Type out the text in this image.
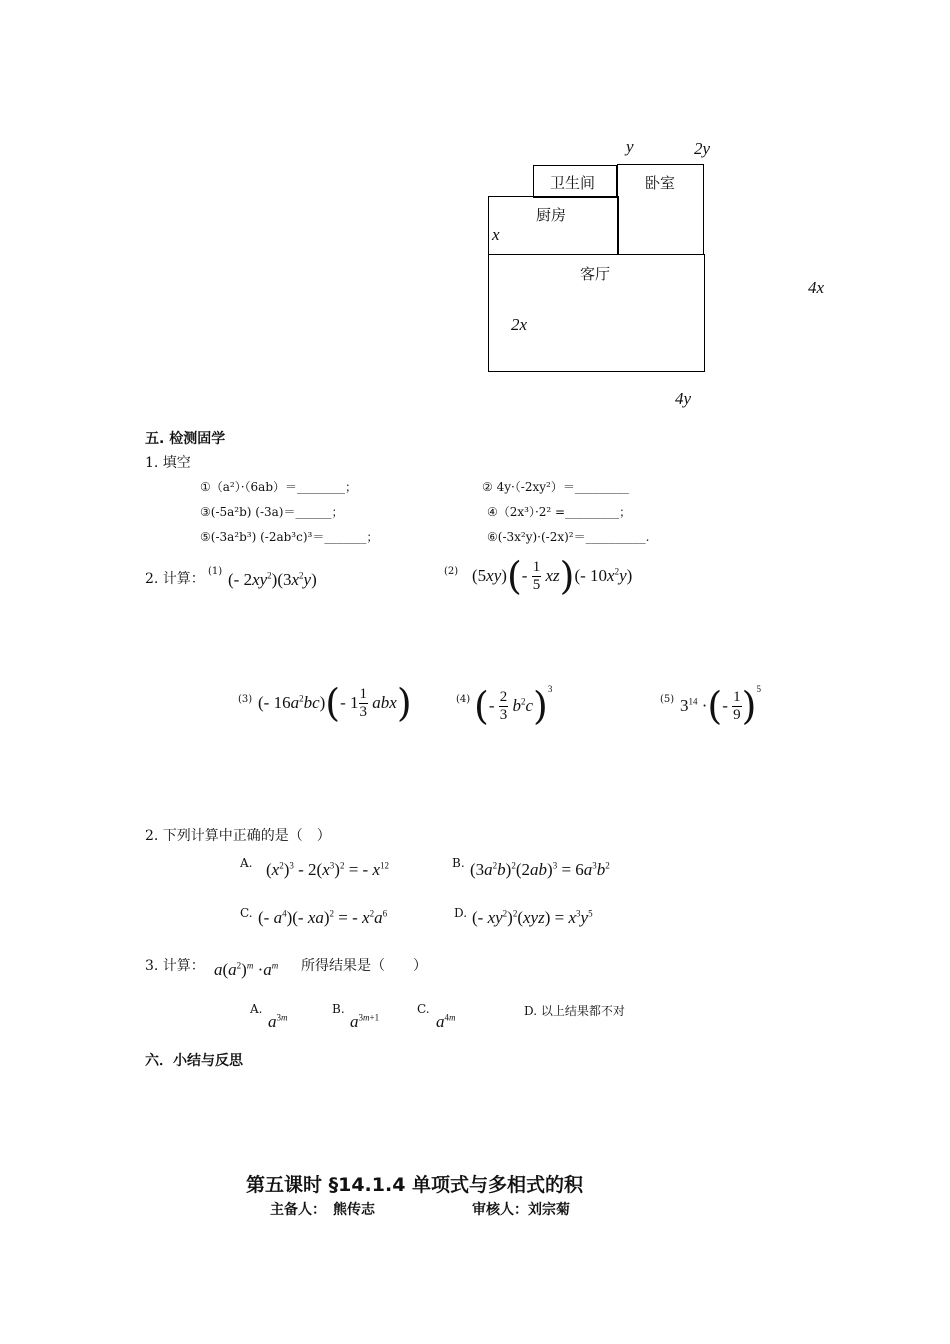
y	2y
卫生间	卧室
厨房
x
客厅
2x
4x
4y
五. 检测固学
1. 填空
①（a²）·（6ab）＝________；	② 4y·（-2xy²）＝_________
③(-5a²b) (-3a)＝______；	④（2x³）·2² =_________；
⑤(-3a²b³) (-2ab³c)³＝_______；	⑥(-3x²y)·(-2x)²＝__________.
2. 计算： (1) (- $2xy^2)(3x^2y)$	(2) $(5xy)(- \frac{1}{5} xz)(-$ $10x^2y$)
(3) (- $16a^2bc)(-$ $1 \frac{1}{3} abx$)	(4) (- $\frac{2}{3} b^2c)^3$
(5) $3^{14}$ ·(- $\frac{1}{9} )^5$
2. 下列计算中正确的是（　）
A. $(x^2)^3 - 2(x^3)^2$ = - $x^{12}$	B. $(3a^2b)^2(2ab)^3 = 6a^3b^2$
C. (- $a^4)(-$ xa)$^2$ = - $x^2a^6$	D. (- $xy^2)^2(xyz) = x^3y^5$
3. 计算： $a(a^2)^m \cdot a^m$ 所得结果是（　　）
A.
$a^{3m}$
B.
$a^{3m+1}$
C.
$a^{4m}$	D. 以上结果都不对
六．小结与反思
第五课时 §14.1.4 单项式与多相式的积
主备人：　熊传志	审核人：刘宗菊
